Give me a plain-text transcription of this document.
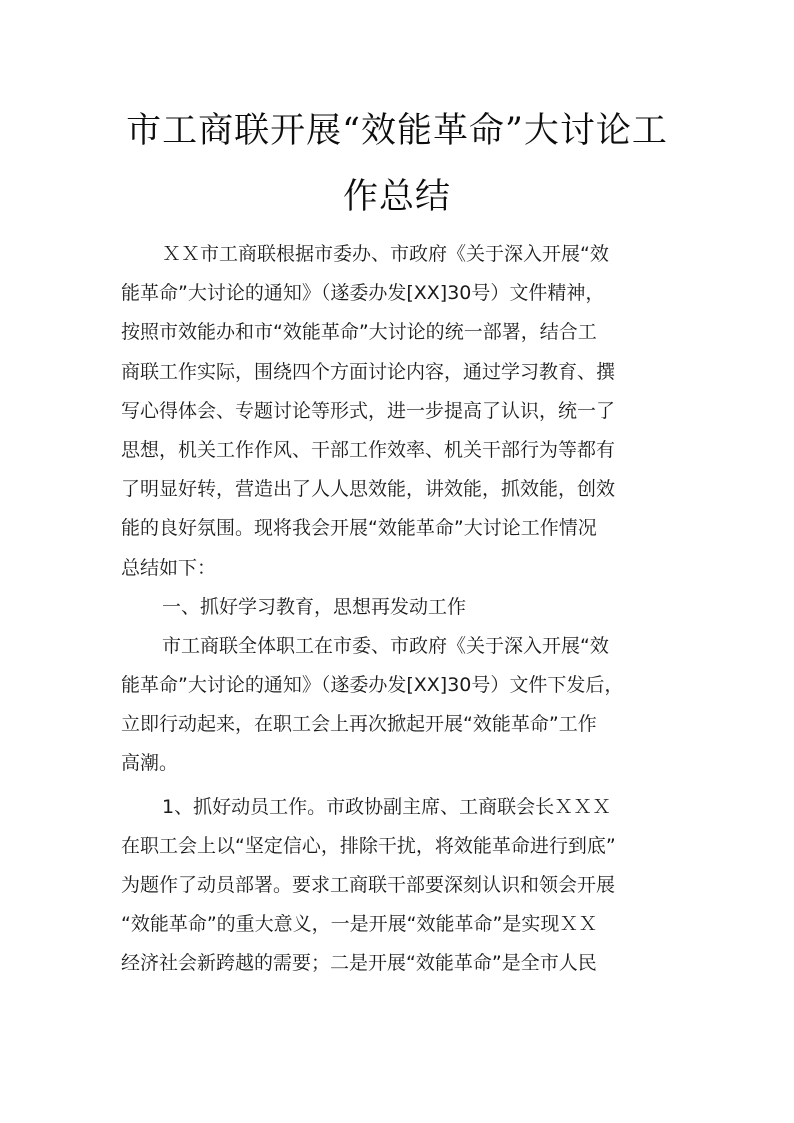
市工商联开展“效能革命”大讨论工
作总结
ＸＸ市工商联根据市委办、市政府《关于深入开展“效
能革命”大讨论的通知》（遂委办发[XX]30号）文件精神，
按照市效能办和市“效能革命”大讨论的统一部署，结合工
商联工作实际，围绕四个方面讨论内容，通过学习教育、撰
写心得体会、专题讨论等形式，进一步提高了认识，统一了
思想，机关工作作风、干部工作效率、机关干部行为等都有
了明显好转，营造出了人人思效能，讲效能，抓效能，创效
能的良好氛围。现将我会开展“效能革命”大讨论工作情况
总结如下：
一、抓好学习教育，思想再发动工作
市工商联全体职工在市委、市政府《关于深入开展“效
能革命”大讨论的通知》（遂委办发[XX]30号）文件下发后，
立即行动起来，在职工会上再次掀起开展“效能革命”工作
高潮。
1、抓好动员工作。市政协副主席、工商联会长ＸＸＸ
在职工会上以“坚定信心，排除干扰，将效能革命进行到底”
为题作了动员部署。要求工商联干部要深刻认识和领会开展
“效能革命”的重大意义，一是开展“效能革命”是实现ＸＸ
经济社会新跨越的需要；二是开展“效能革命”是全市人民
